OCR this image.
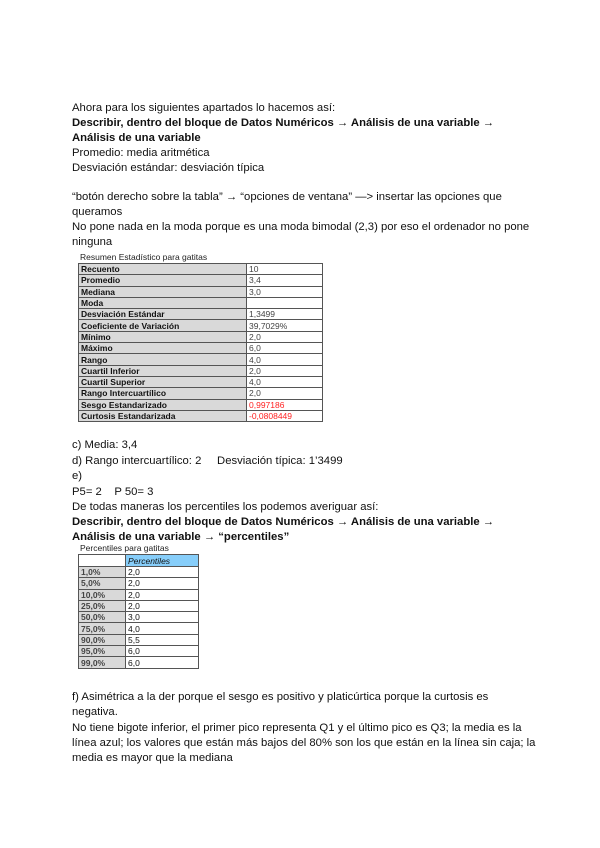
Ahora para los siguientes apartados lo hacemos así:
Describir, dentro del bloque de Datos Numéricos → Análisis de una variable →
Análisis de una variable
Promedio: media aritmética
Desviación estándar: desviación típica
“botón derecho sobre la tabla” → “opciones de ventana” —> insertar las opciones que
queramos
No pone nada en la moda porque es una moda bimodal (2,3) por eso el ordenador no pone
ninguna
Resumen Estadístico para gatitas
Recuento	10
Promedio	3,4
Mediana	3,0
Moda	
Desviación Estándar	1,3499
Coeficiente de Variación	39,7029%
Mínimo	2,0
Máximo	6,0
Rango	4,0
Cuartil Inferior	2,0
Cuartil Superior	4,0
Rango Intercuartílico	2,0
Sesgo Estandarizado	0,997186
Curtosis Estandarizada	-0,0808449
c) Media: 3,4
d) Rango intercuartílico: 2     Desviación típica: 1’3499
e)
P5= 2    P 50= 3
De todas maneras los percentiles los podemos averiguar así:
Describir, dentro del bloque de Datos Numéricos → Análisis de una variable →
Análisis de una variable → “percentiles”
Percentiles para gatitas
	Percentiles
1,0%	2,0
5,0%	2,0
10,0%	2,0
25,0%	2,0
50,0%	3,0
75,0%	4,0
90,0%	5,5
95,0%	6,0
99,0%	6,0
f) Asimétrica a la der porque el sesgo es positivo y platicúrtica porque la curtosis es
negativa.
No tiene bigote inferior, el primer pico representa Q1 y el último pico es Q3; la media es la
línea azul; los valores que están más bajos del 80% son los que están en la línea sin caja; la
media es mayor que la mediana
